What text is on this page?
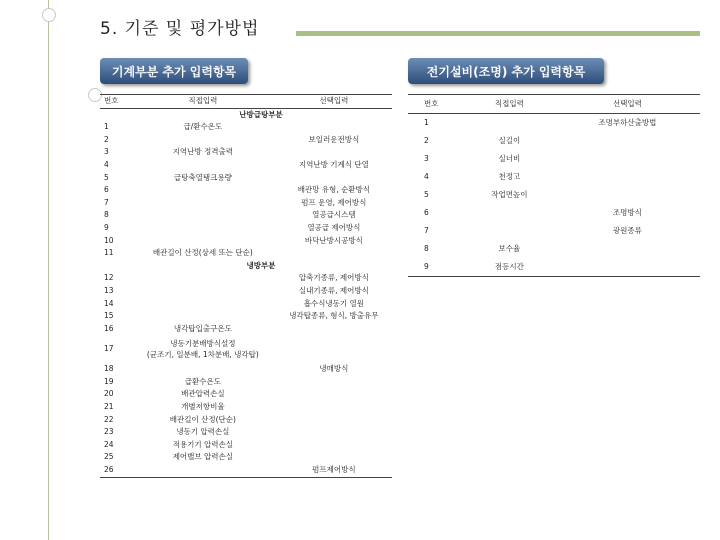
5. 기준 및 평가방법
기계부분 추가 입력항목	전기설비(조명) 추가 입력항목
번호	직접입력	선택입력
	난방급탕부분	
1	급/환수온도	
2		보일러운전방식
3	지역난방 정격출력	
4		지역난방 기계식 단열
5	급탕축열탱크용량	
6		배관망 유형, 순환방식
7		펌프 운영, 제어방식
8		열공급시스템
9		열공급 제어방식
10		바닥난방시공방식
11	배관길이 산정(상세 또는 단순)	
	냉방부분	
12		압축기종류, 제어방식
13		실내기종류, 제어방식
14		흡수식냉동기 열원
15		냉각탑종류, 형식, 방출유무
16	냉각탑입출구온도	
17	냉동기분배방식설정
(균조기, 일분배, 1차분배, 냉각탑)	
18		냉매방식
19	급환수온도	
20	배관압력손실	
21	개별저항비율	
22	배관길이 산정(단순)	
23	냉동기 압력손실	
24	적용기기 압력손실	
25	제어밸브 압력손실	
26		펌프제어방식
번호	직접입력	선택입력
1		조명부하산출방법
2	실길이	
3	실너비	
4	천정고	
5	작업면높이	
6		조명방식
7		광원종류
8	보수율	
9	점등시간	
